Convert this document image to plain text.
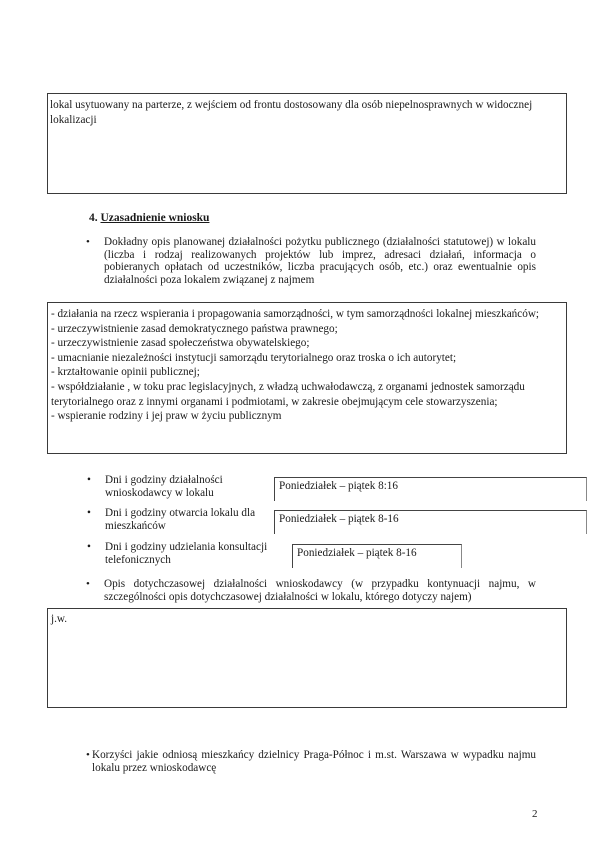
lokal usytuowany na parterze, z wejściem od frontu dostosowany dla osób niepelnosprawnych w widocznej lokalizacji
4. Uzasadnienie wniosku
• Dokładny opis planowanej działalności pożytku publicznego (działalności statutowej) w lokalu (liczba i rodzaj realizowanych projektów lub imprez, adresaci działań, informacja o pobieranych opłatach od uczestników, liczba pracujących osób, etc.) oraz ewentualnie opis działalności poza lokalem związanej z najmem
- działania na rzecz wspierania i propagowania samorządności, w tym samorządności lokalnej mieszkańców;
- urzeczywistnienie zasad demokratycznego państwa prawnego;
- urzeczywistnienie zasad społeczeństwa obywatelskiego;
- umacnianie niezależności instytucji samorządu terytorialnego oraz troska o ich autorytet;
- krztałtowanie opinii publicznej;
- współdziałanie , w toku prac legislacyjnych, z władzą uchwałodawczą, z organami jednostek samorządu terytorialnego oraz z innymi organami i podmiotami, w zakresie obejmującym cele stowarzyszenia;
- wspieranie rodziny i jej praw w życiu publicznym
• Dni i godziny działalności wnioskodawcy w lokalu
Poniedziałek – piątek 8:16
• Dni i godziny otwarcia lokalu dla mieszkańców
Poniedziałek – piątek 8-16
• Dni i godziny udzielania konsultacji telefonicznych
Poniedziałek – piątek 8-16
• Opis dotychczasowej działalności wnioskodawcy (w przypadku kontynuacji najmu, w szczególności opis dotychczasowej działalności w lokalu, którego dotyczy najem)
j.w.
• Korzyści jakie odniosą mieszkańcy dzielnicy Praga-Północ i m.st. Warszawa w wypadku najmu lokalu przez wnioskodawcę
2
